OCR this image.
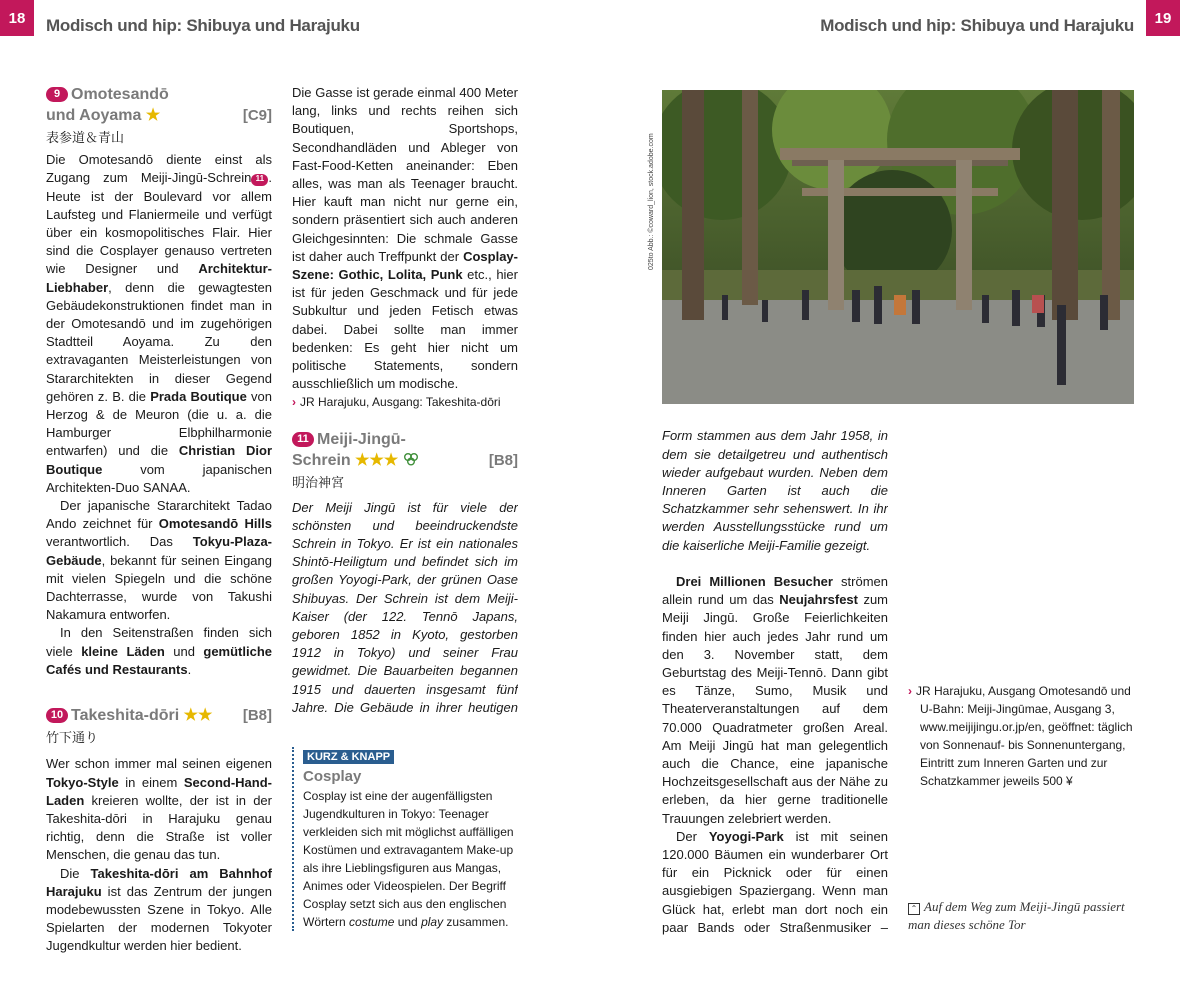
18	Modisch und hip: Shibuya und Harajuku	Modisch und hip: Shibuya und Harajuku	19
9 Omotesandō
und Aoyama ★	[C9]
表参道＆青山

Die Omotesandō diente einst als Zugang zum Meiji-Jingū-Schrein 11 . Heute ist der Boulevard vor allem Laufsteg und Flaniermeile und verfügt über ein kosmopolitisches Flair. Hier sind die Cosplayer genauso vertreten wie Designer und Architektur-Liebhaber, denn die gewagtesten Gebäudekonstruktionen findet man in der Omotesandō und im zugehörigen Stadtteil Aoyama. Zu den extravaganten Meisterleistungen von Stararchitekten in dieser Gegend gehören z. B. die Prada Boutique von Herzog & de Meuron (die u. a. die Hamburger Elbphilharmonie entwarfen) und die Christian Dior Boutique vom japanischen Architekten-Duo SANAA.

Der japanische Stararchitekt Tadao Ando zeichnet für Omotesandō Hills verantwortlich. Das Tokyu-Plaza-Gebäude, bekannt für seinen Eingang mit vielen Spiegeln und die schöne Dachterrasse, wurde von Takushi Nakamura entworfen.

In den Seitenstraßen finden sich viele kleine Läden und gemütliche Cafés und Restaurants.

10 Takeshita-dōri ★★	[B8]
竹下通り

Wer schon immer mal seinen eigenen Tokyo-Style in einem Second-Hand-Laden kreieren wollte, der ist in der Takeshita-dōri in Harajuku genau richtig, denn die Straße ist voller Menschen, die genau das tun.

Die Takeshita-dōri am Bahnhof Harajuku ist das Zentrum der jungen modebewussten Szene in Tokyo. Alle Spielarten der modernen Tokyoter Jugendkultur werden hier bedient.

Die Gasse ist gerade einmal 400 Meter lang, links und rechts reihen sich Boutiquen, Sportshops, Secondhandläden und Ableger von Fast-Food-Ketten aneinander: Eben alles, was man als Teenager braucht. Hier kauft man nicht nur gerne ein, sondern präsentiert sich auch anderen Gleichgesinnten: Die schmale Gasse ist daher auch Treffpunkt der Cosplay-Szene: Gothic, Lolita, Punk etc., hier ist für jeden Geschmack und für jede Subkultur und jeden Fetisch etwas dabei. Dabei sollte man immer bedenken: Es geht hier nicht um politische Statements, sondern ausschließlich um modische.

› JR Harajuku, Ausgang: Takeshita-dōri
11 Meiji-Jingū-
Schrein ★★★	[B8]
明治神宮

Der Meiji Jingū ist für viele der schönsten und beeindruckendste Schrein in Tokyo. Er ist ein nationales Shintō-Heiligtum und befindet sich im großen Yoyogi-Park, der grünen Oase Shibuyas. Der Schrein ist dem Meiji-Kaiser (der 122. Tennō Japans, geboren 1852 in Kyoto, gestorben 1912 in Tokyo) und seiner Frau gewidmet. Die Bauarbeiten begannen 1915 und dauerten insgesamt fünf Jahre. Die Gebäude in ihrer heutigen

KURZ & KNAPP
Cosplay
Cosplay ist eine der augenfälligsten Jugendkulturen in Tokyo: Teenager verkleiden sich mit möglichst auffälligen Kostümen und extravagantem Make-up als ihre Lieblingsfiguren aus Mangas, Animes oder Videospielen. Der Begriff Cosplay setzt sich aus den englischen Wörtern costume und play zusammen.
025to Abb.: ©coward_lion, stock.adobe.com

Form stammen aus dem Jahr 1958, in dem sie detailgetreu und authentisch wieder aufgebaut wurden. Neben dem Inneren Garten ist auch die Schatzkammer sehr sehenswert. In ihr werden Ausstellungsstücke rund um die kaiserliche Meiji-Familie gezeigt.

Drei Millionen Besucher strömen allein rund um das Neujahrsfest zum Meiji Jingū. Große Feierlichkeiten finden hier auch jedes Jahr rund um den 3. November statt, dem Geburtstag des Meiji-Tennō. Dann gibt es Tänze, Sumo, Musik und Theaterveranstaltungen auf dem 70.000 Quadratmeter großen Areal. Am Meiji Jingū hat man gelegentlich auch die Chance, eine japanische Hochzeitsgesellschaft aus der Nähe zu erleben, da hier gerne traditionelle Trauungen zelebriert werden.

Der Yoyogi-Park ist mit seinen 120.000 Bäumen ein wunderbarer Ort für ein Picknick oder für einen ausgiebigen Spaziergang. Wenn man Glück hat, erlebt man dort noch ein paar Bands oder Straßenmusiker –

› JR Harajuku, Ausgang Omotesandō und U-Bahn: Meiji-Jingūmae, Ausgang 3, www.meijijingu.or.jp/en, geöffnet: täglich von Sonnenauf- bis Sonnenuntergang, Eintritt zum Inneren Garten und zur Schatzkammer jeweils 500 ¥
⌃ Auf dem Weg zum Meiji-Jingū passiert man dieses schöne Tor
